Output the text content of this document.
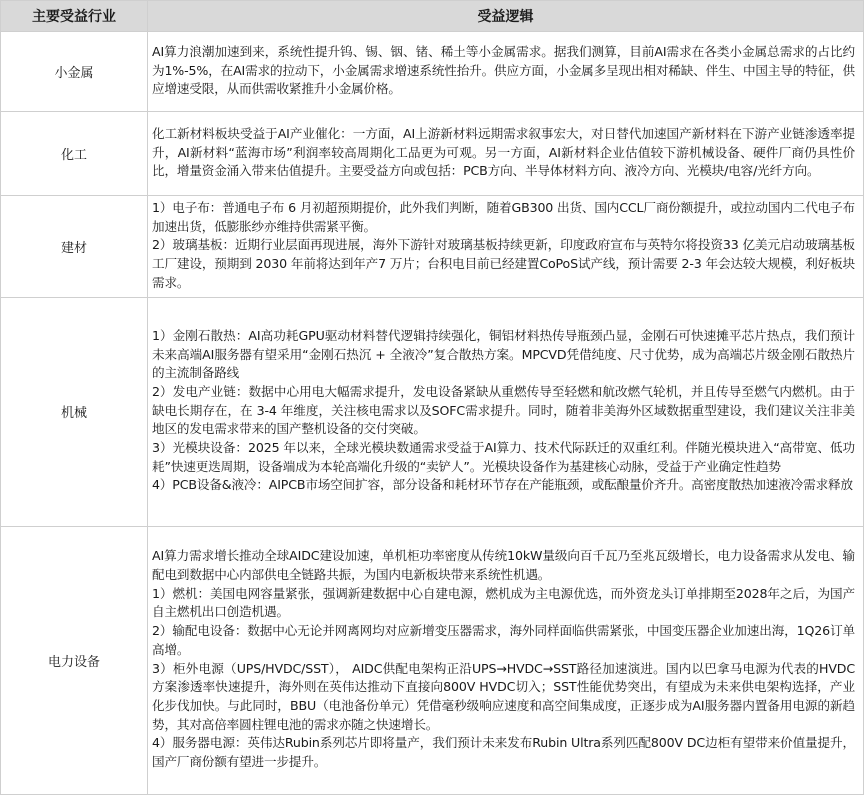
主要受益行业	受益逻辑
小金属	AI算力浪潮加速到来，系统性提升钨、锡、铟、锗、稀土等小金属需求。据我们测算，目前AI需求在各类小金属总需求的占比约为1%-5%，在AI需求的拉动下，小金属需求增速系统性抬升。供应方面，小金属多呈现出相对稀缺、伴生、中国主导的特征，供应增速受限，从而供需收紧推升小金属价格。

化工	化工新材料板块受益于AI产业催化：一方面，AI上游新材料远期需求叙事宏大，对日替代加速国产新材料在下游产业链渗透率提升，AI新材料“蓝海市场”利润率较高周期化工品更为可观。另一方面，AI新材料企业估值较下游机械设备、硬件厂商仍具性价比，增量资金涌入带来估值提升。主要受益方向或包括：PCB方向、半导体材料方向、液冷方向、光模块/电容/光纤方向。

建材	1）电子布：普通电子布 6 月初超预期提价，此外我们判断，随着GB300 出货、国内CCL厂商份额提升，或拉动国内二代电子布加速出货，低膨胀纱亦维持供需紧平衡。

2）玻璃基板：近期行业层面再现进展，海外下游针对玻璃基板持续更新，印度政府宣布与英特尔将投资33 亿美元启动玻璃基板工厂建设，预期到 2030 年前将达到年产7 万片；台积电目前已经建置CoPoS试产线，预计需要 2-3 年会达较大规模，利好板块需求。

机械	1）金刚石散热：AI高功耗GPU驱动材料替代逻辑持续强化，铜铝材料热传导瓶颈凸显，金刚石可快速摊平芯片热点，我们预计未来高端AI服务器有望采用“金刚石热沉 + 全液冷”复合散热方案。MPCVD凭借纯度、尺寸优势，成为高端芯片级金刚石散热片的主流制备路线

2）发电产业链：数据中心用电大幅需求提升，发电设备紧缺从重燃传导至轻燃和航改燃气轮机，并且传导至燃气内燃机。由于缺电长期存在，在 3-4 年维度，关注核电需求以及SOFC需求提升。同时，随着非美海外区域数据重型建设，我们建议关注非美地区的发电需求带来的国产整机设备的交付突破。

3）光模块设备：2025 年以来，全球光模块数通需求受益于AI算力、技术代际跃迁的双重红利。伴随光模块进入“高带宽、低功耗”快速更迭周期，设备端成为本轮高端化升级的“卖铲人”。光模块设备作为基建核心动脉，受益于产业确定性趋势

4）PCB设备&液冷：AIPCB市场空间扩容，部分设备和耗材环节存在产能瓶颈，或酝酿量价齐升。高密度散热加速液冷需求释放

电力设备	AI算力需求增长推动全球AIDC建设加速，单机柜功率密度从传统10kW量级向百千瓦乃至兆瓦级增长，电力设备需求从发电、输配电到数据中心内部供电全链路共振，为国内电新板块带来系统性机遇。

1）燃机：美国电网容量紧张，强调新建数据中心自建电源，燃机成为主电源优选，而外资龙头订单排期至2028年之后，为国产自主燃机出口创造机遇。

2）输配电设备：数据中心无论并网离网均对应新增变压器需求，海外同样面临供需紧张，中国变压器企业加速出海，1Q26订单高增。

3）柜外电源（UPS/HVDC/SST）， AIDC供配电架构正沿UPS→HVDC→SST路径加速演进。国内以巴拿马电源为代表的HVDC方案渗透率快速提升，海外则在英伟达推动下直接向800V HVDC切入；SST性能优势突出，有望成为未来供电架构选择，产业化步伐加快。与此同时，BBU（电池备份单元）凭借毫秒级响应速度和高空间集成度，正逐步成为AI服务器内置备用电源的新趋势，其对高倍率圆柱锂电池的需求亦随之快速增长。

4）服务器电源：英伟达Rubin系列芯片即将量产，我们预计未来发布Rubin Ultra系列匹配800V DC边柜有望带来价值量提升，国产厂商份额有望进一步提升。
